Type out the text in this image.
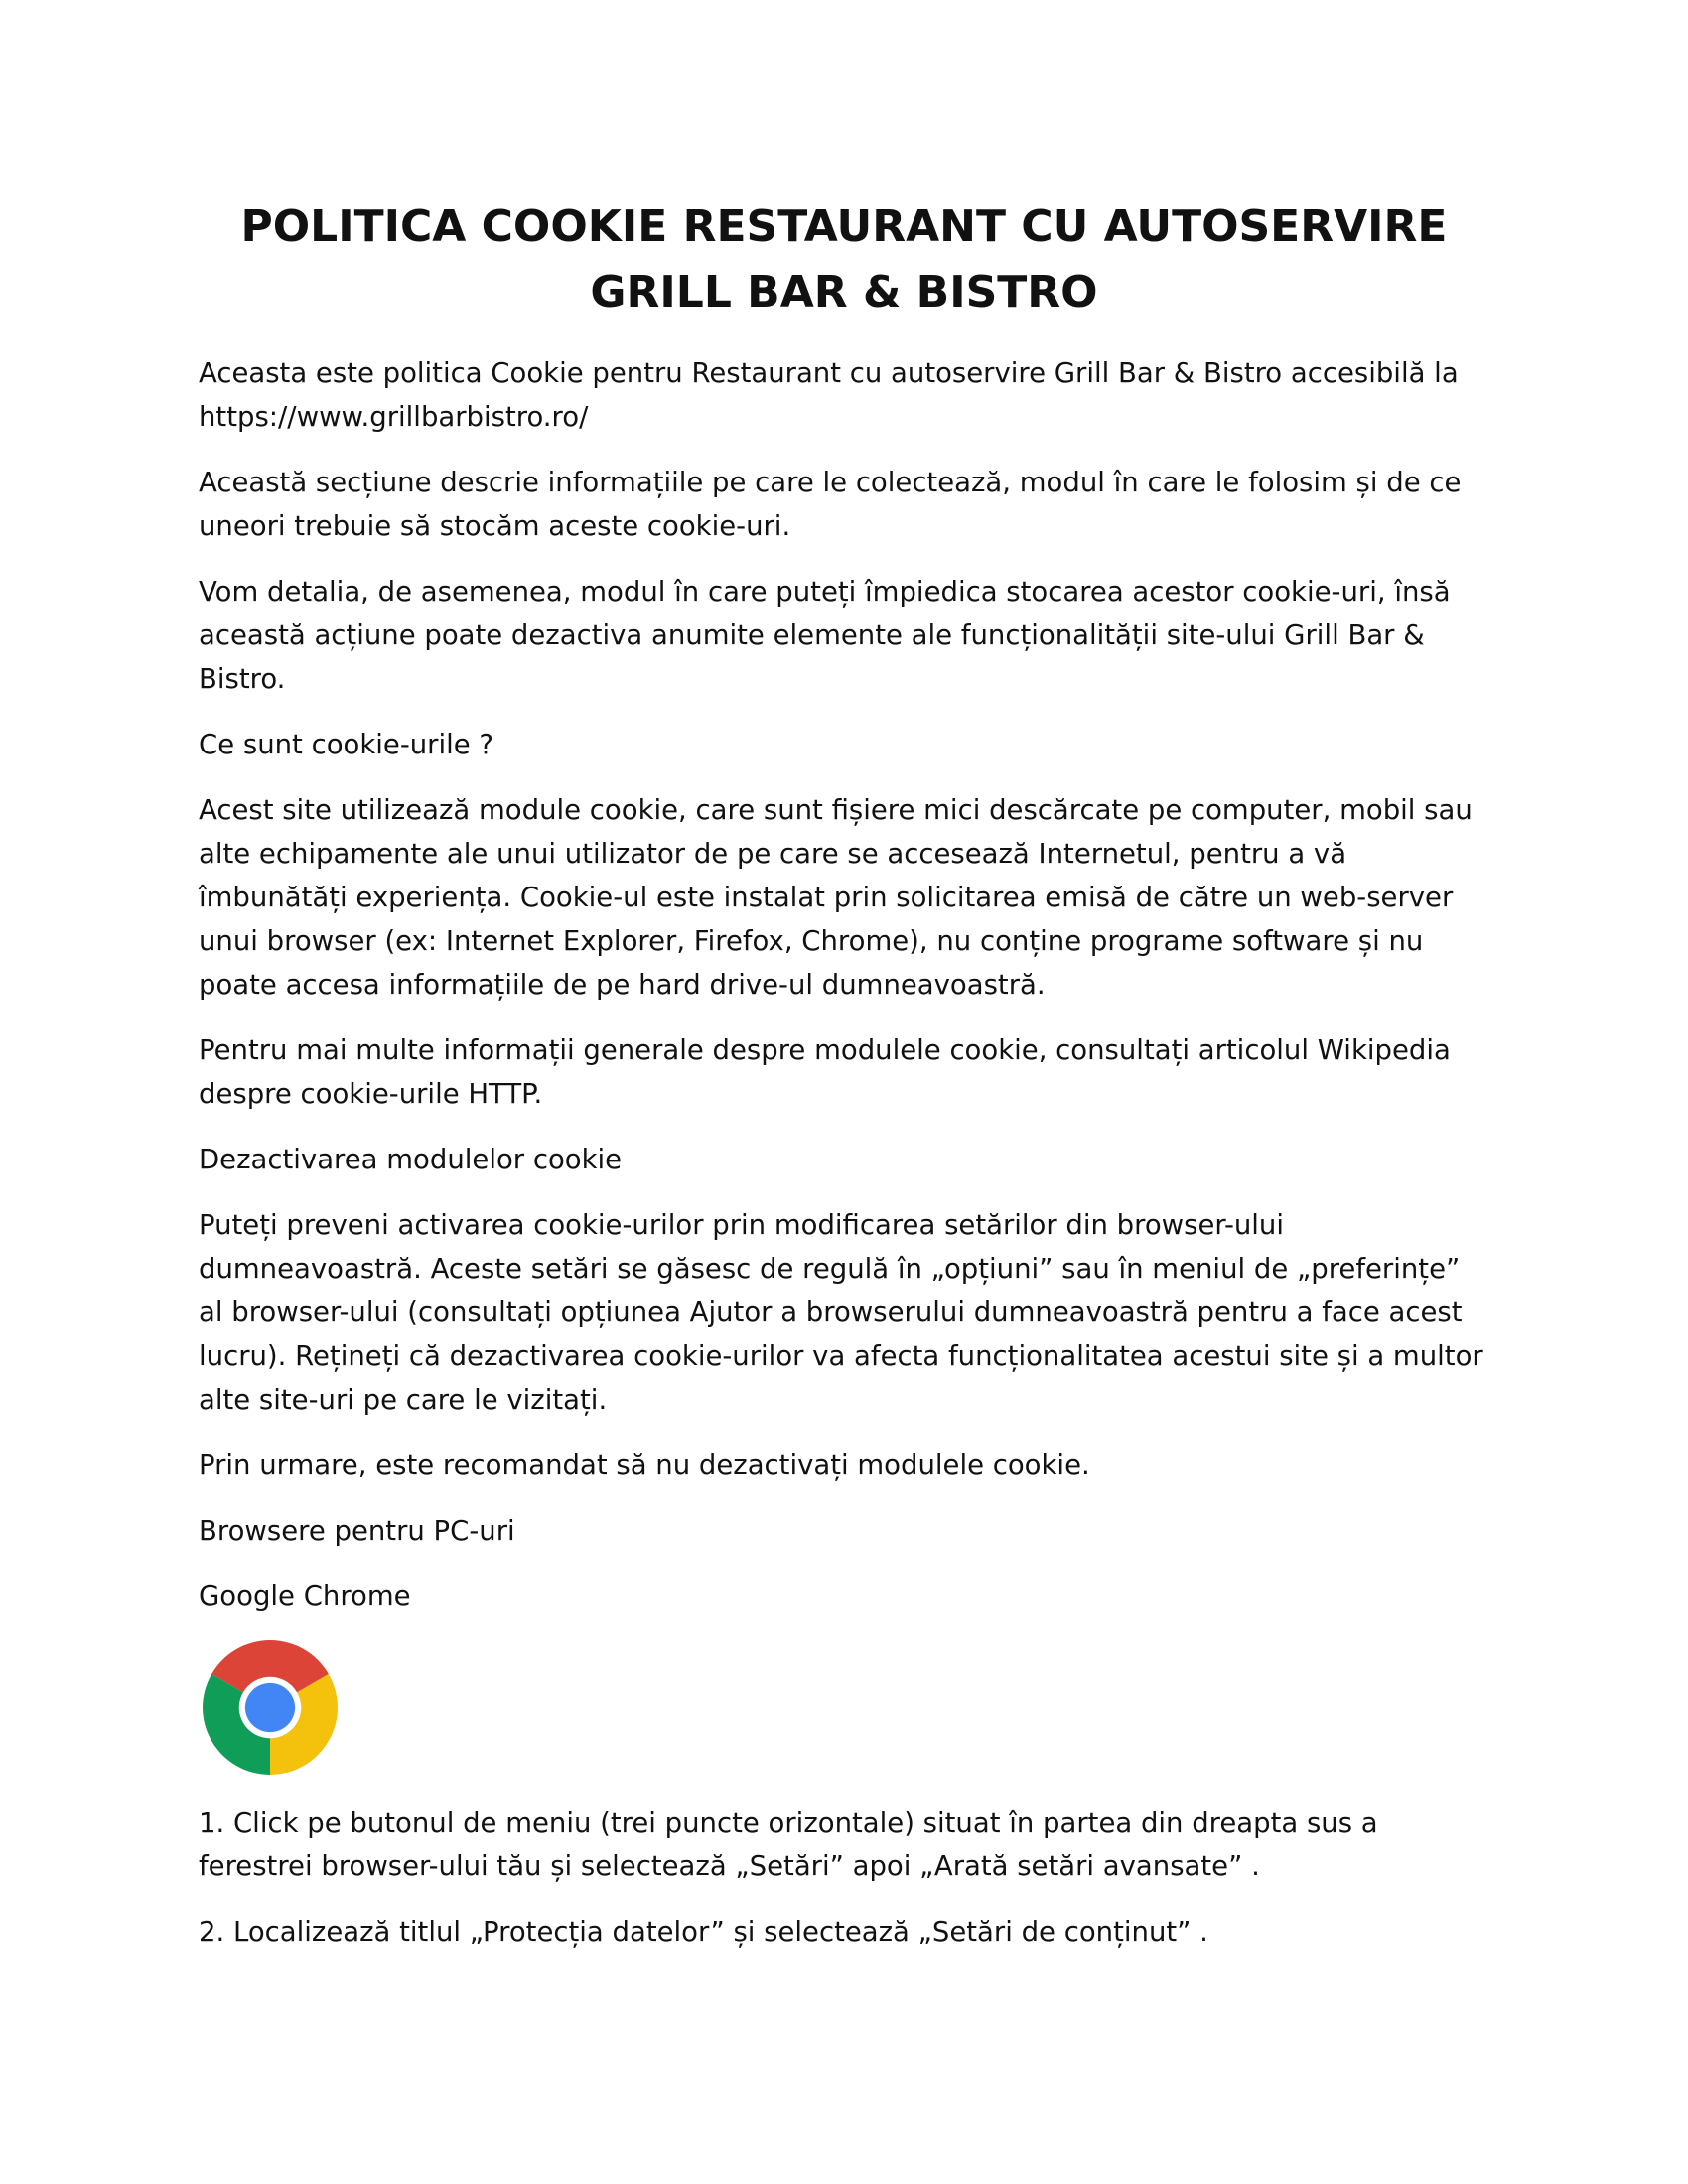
POLITICA COOKIE RESTAURANT CU AUTOSERVIRE
GRILL BAR & BISTRO

Aceasta este politica Cookie pentru Restaurant cu autoservire Grill Bar & Bistro accesibilă la https://www.grillbarbistro.ro/

Această secțiune descrie informațiile pe care le colectează, modul în care le folosim și de ce uneori trebuie să stocăm aceste cookie-uri.

Vom detalia, de asemenea, modul în care puteți împiedica stocarea acestor cookie-uri, însă această acțiune poate dezactiva anumite elemente ale funcționalității site-ului Grill Bar & Bistro.

Ce sunt cookie-urile ?

Acest site utilizează module cookie, care sunt fișiere mici descărcate pe computer, mobil sau alte echipamente ale unui utilizator de pe care se accesează Internetul, pentru a vă îmbunătăți experiența. Cookie-ul este instalat prin solicitarea emisă de către un web-server unui browser (ex: Internet Explorer, Firefox, Chrome), nu conține programe software și nu poate accesa informațiile de pe hard drive-ul dumneavoastră.

Pentru mai multe informații generale despre modulele cookie, consultați articolul Wikipedia despre cookie-urile HTTP.

Dezactivarea modulelor cookie

Puteți preveni activarea cookie-urilor prin modificarea setărilor din browser-ului dumneavoastră. Aceste setări se găsesc de regulă în „opțiuni” sau în meniul de „preferințe” al browser-ului (consultați opțiunea Ajutor a browserului dumneavoastră pentru a face acest lucru). Rețineți că dezactivarea cookie-urilor va afecta funcționalitatea acestui site și a multor alte site-uri pe care le vizitați.

Prin urmare, este recomandat să nu dezactivați modulele cookie.

Browsere pentru PC-uri

Google Chrome

1. Click pe butonul de meniu (trei puncte orizontale) situat în partea din dreapta sus a ferestrei browser-ului tău și selectează „Setări” apoi „Arată setări avansate” .

2. Localizează titlul „Protecția datelor” și selectează „Setări de conținut” .
